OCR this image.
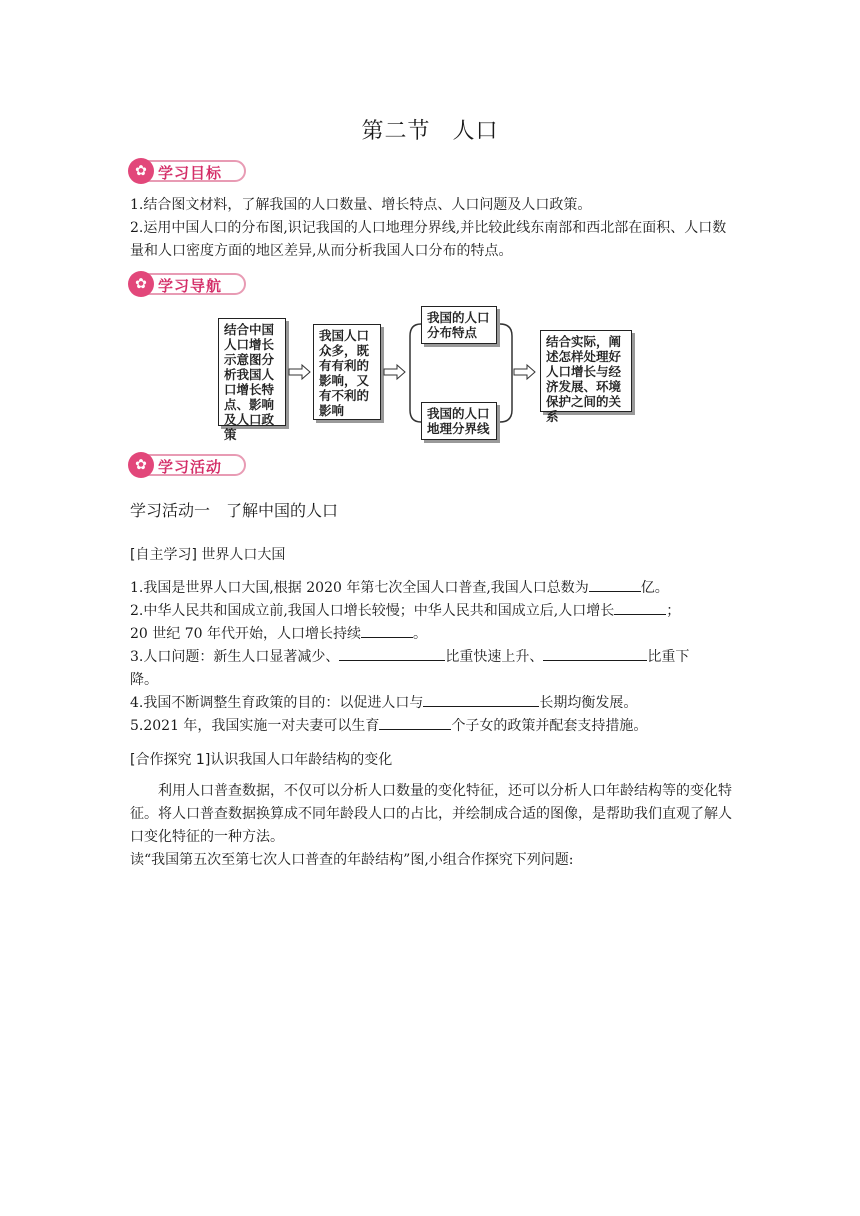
第二节 人口
✿ 学习目标
1.结合图文材料，了解我国的人口数量、增长特点、人口问题及人口政策。
2.运用中国人口的分布图,识记我国的人口地理分界线,并比较此线东南部和西北部在面积、人口数量和人口密度方面的地区差异,从而分析我国人口分布的特点。
✿ 学习导航
结合中国人口增长示意图分析我国人口增长特点、影响及人口政策
我国人口众多，既有有利的影响，又有不利的影响
我国的人口分布特点
我国的人口地理分界线
结合实际，阐述怎样处理好人口增长与经济发展、环境保护之间的关系
✿ 学习活动
学习活动一　了解中国的人口
[自主学习] 世界人口大国
1.我国是世界人口大国,根据 2020 年第七次全国人口普查,我国人口总数为	亿。
2.中华人民共和国成立前,我国人口增长较慢；中华人民共和国成立后,人口增长	；
20 世纪 70 年代开始，人口增长持续	。
3.人口问题：新生人口显著减少、	比重快速上升、	比重下
降。
4.我国不断调整生育政策的目的：以促进人口与	长期均衡发展。
5.2021 年，我国实施一对夫妻可以生育	个子女的政策并配套支持措施。
[合作探究 1]认识我国人口年龄结构的变化
利用人口普查数据，不仅可以分析人口数量的变化特征，还可以分析人口年龄结构等的变化特征。将人口普查数据换算成不同年龄段人口的占比，并绘制成合适的图像，是帮助我们直观了解人口变化特征的一种方法。
读“我国第五次至第七次人口普查的年龄结构”图,小组合作探究下列问题:
